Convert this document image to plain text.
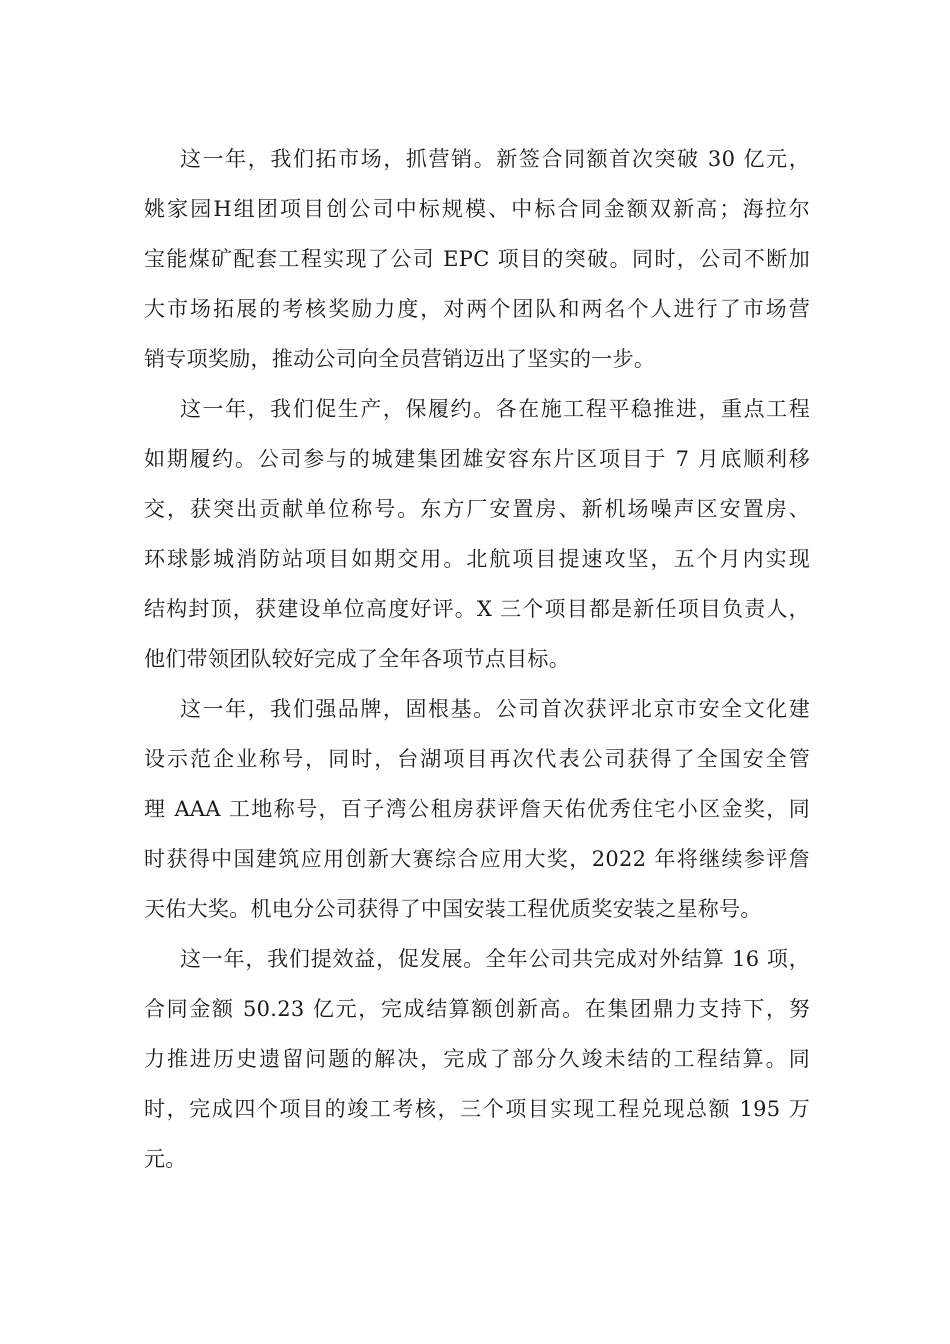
这一年，我们拓市场，抓营销。新签合同额首次突破 30 亿元，
姚家园H组团项目创公司中标规模、中标合同金额双新高；海拉尔
宝能煤矿配套工程实现了公司 EPC 项目的突破。同时，公司不断加
大市场拓展的考核奖励力度，对两个团队和两名个人进行了市场营
销专项奖励，推动公司向全员营销迈出了坚实的一步。
这一年，我们促生产，保履约。各在施工程平稳推进，重点工程
如期履约。公司参与的城建集团雄安容东片区项目于 7 月底顺利移
交，获突出贡献单位称号。东方厂安置房、新机场噪声区安置房、
环球影城消防站项目如期交用。北航项目提速攻坚，五个月内实现
结构封顶，获建设单位高度好评。X 三个项目都是新任项目负责人，
他们带领团队较好完成了全年各项节点目标。
这一年，我们强品牌，固根基。公司首次获评北京市安全文化建
设示范企业称号，同时，台湖项目再次代表公司获得了全国安全管
理 AAA 工地称号，百子湾公租房获评詹天佑优秀住宅小区金奖，同
时获得中国建筑应用创新大赛综合应用大奖，2022 年将继续参评詹
天佑大奖。机电分公司获得了中国安装工程优质奖安装之星称号。
这一年，我们提效益，促发展。全年公司共完成对外结算 16 项，
合同金额 50.23 亿元，完成结算额创新高。在集团鼎力支持下，努
力推进历史遗留问题的解决，完成了部分久竣未结的工程结算。同
时，完成四个项目的竣工考核，三个项目实现工程兑现总额 195 万
元。
